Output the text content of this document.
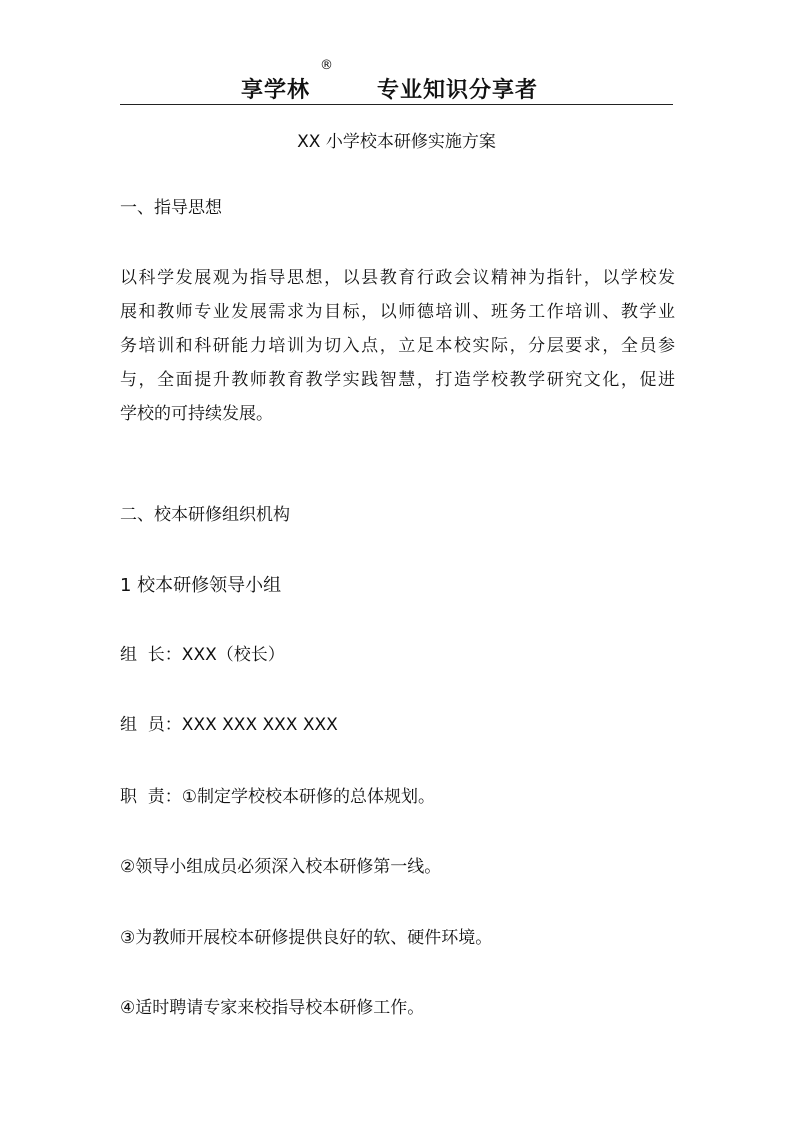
享学林
®
专业知识分享者
XX 小学校本研修实施方案
一、指导思想
以科学发展观为指导思想，以县教育行政会议精神为指针，以学校发
展和教师专业发展需求为目标，以师德培训、班务工作培训、教学业
务培训和科研能力培训为切入点，立足本校实际，分层要求，全员参
与，全面提升教师教育教学实践智慧，打造学校教学研究文化，促进
学校的可持续发展。
二、校本研修组织机构
1 校本研修领导小组
组  长：XXX（校长）
组  员：XXX XXX XXX XXX
职  责：①制定学校校本研修的总体规划。
②领导小组成员必须深入校本研修第一线。
③为教师开展校本研修提供良好的软、硬件环境。
④适时聘请专家来校指导校本研修工作。
